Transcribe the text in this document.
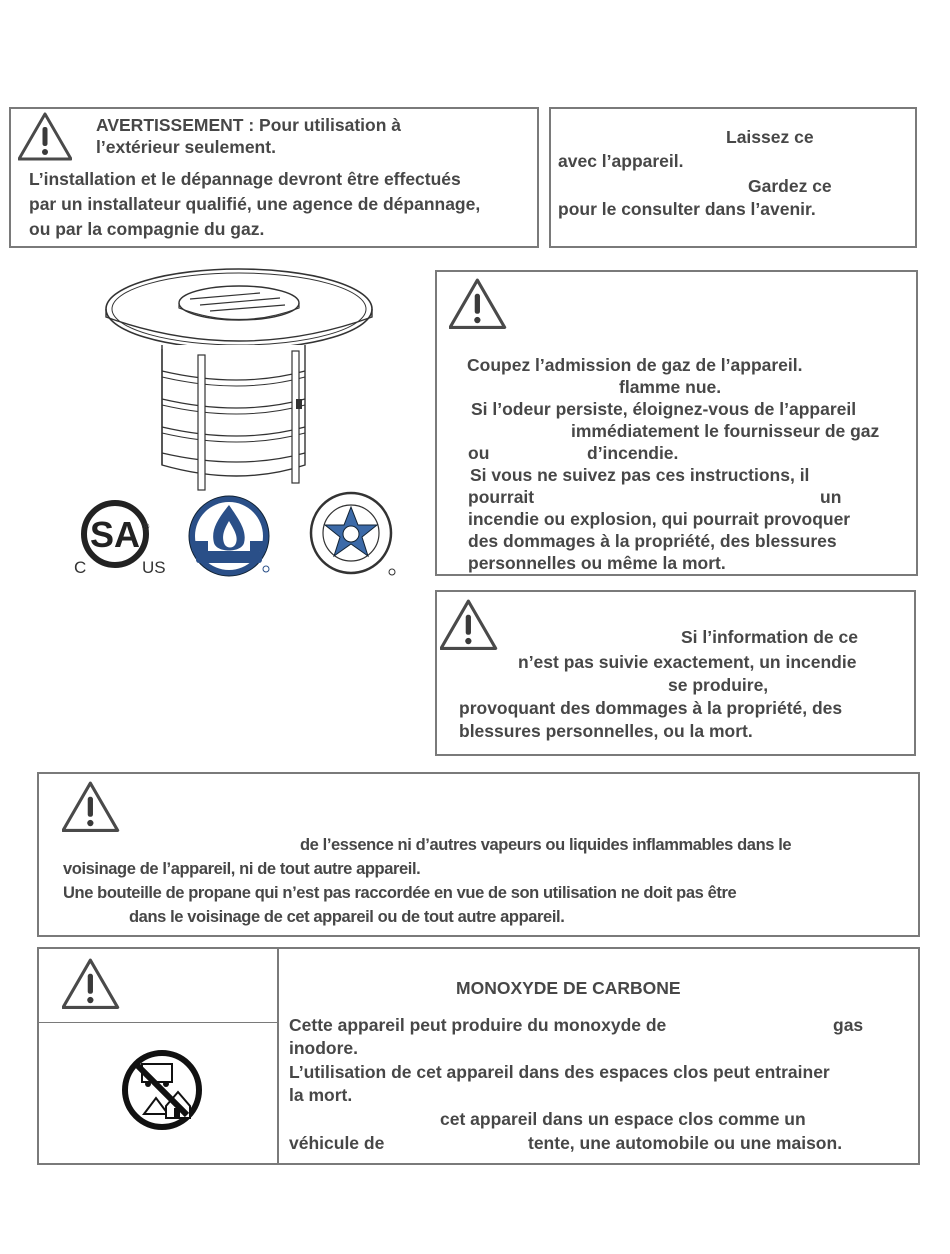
AVERTISSEMENT : Pour utilisation à
l’extérieur seulement.
L’installation et le dépannage devront être effectués
par un installateur qualifié, une agence de dépannage,
ou par la compagnie du gaz.
Laissez ce
avec l’appareil.
Gardez ce
pour le consulter dans l’avenir.
SA
C	US
®
Coupez l’admission de gaz de l’appareil.
flamme nue.
Si l’odeur persiste, éloignez-vous de l’appareil
immédiatement le fournisseur de gaz
ou	d’incendie.
Si vous ne suivez pas ces instructions, il
pourrait	un
incendie ou explosion, qui pourrait provoquer
des dommages à la propriété, des blessures
personnelles ou même la mort.
Si l’information de ce
n’est pas suivie exactement, un incendie
se produire,
provoquant des dommages à la propriété, des
blessures personnelles, ou la mort.
de l’essence ni d’autres vapeurs ou liquides inflammables dans le
voisinage de l’appareil, ni de tout autre appareil.
Une bouteille de propane qui n’est pas raccordée en vue de son utilisation ne doit pas être
dans le voisinage de cet appareil ou de tout autre appareil.
MONOXYDE DE CARBONE
Cette appareil peut produire du monoxyde de	gas
inodore.
L’utilisation de cet appareil dans des espaces clos peut entrainer
la mort.
cet appareil dans un espace clos comme un
véhicule de	tente, une automobile ou une maison.
